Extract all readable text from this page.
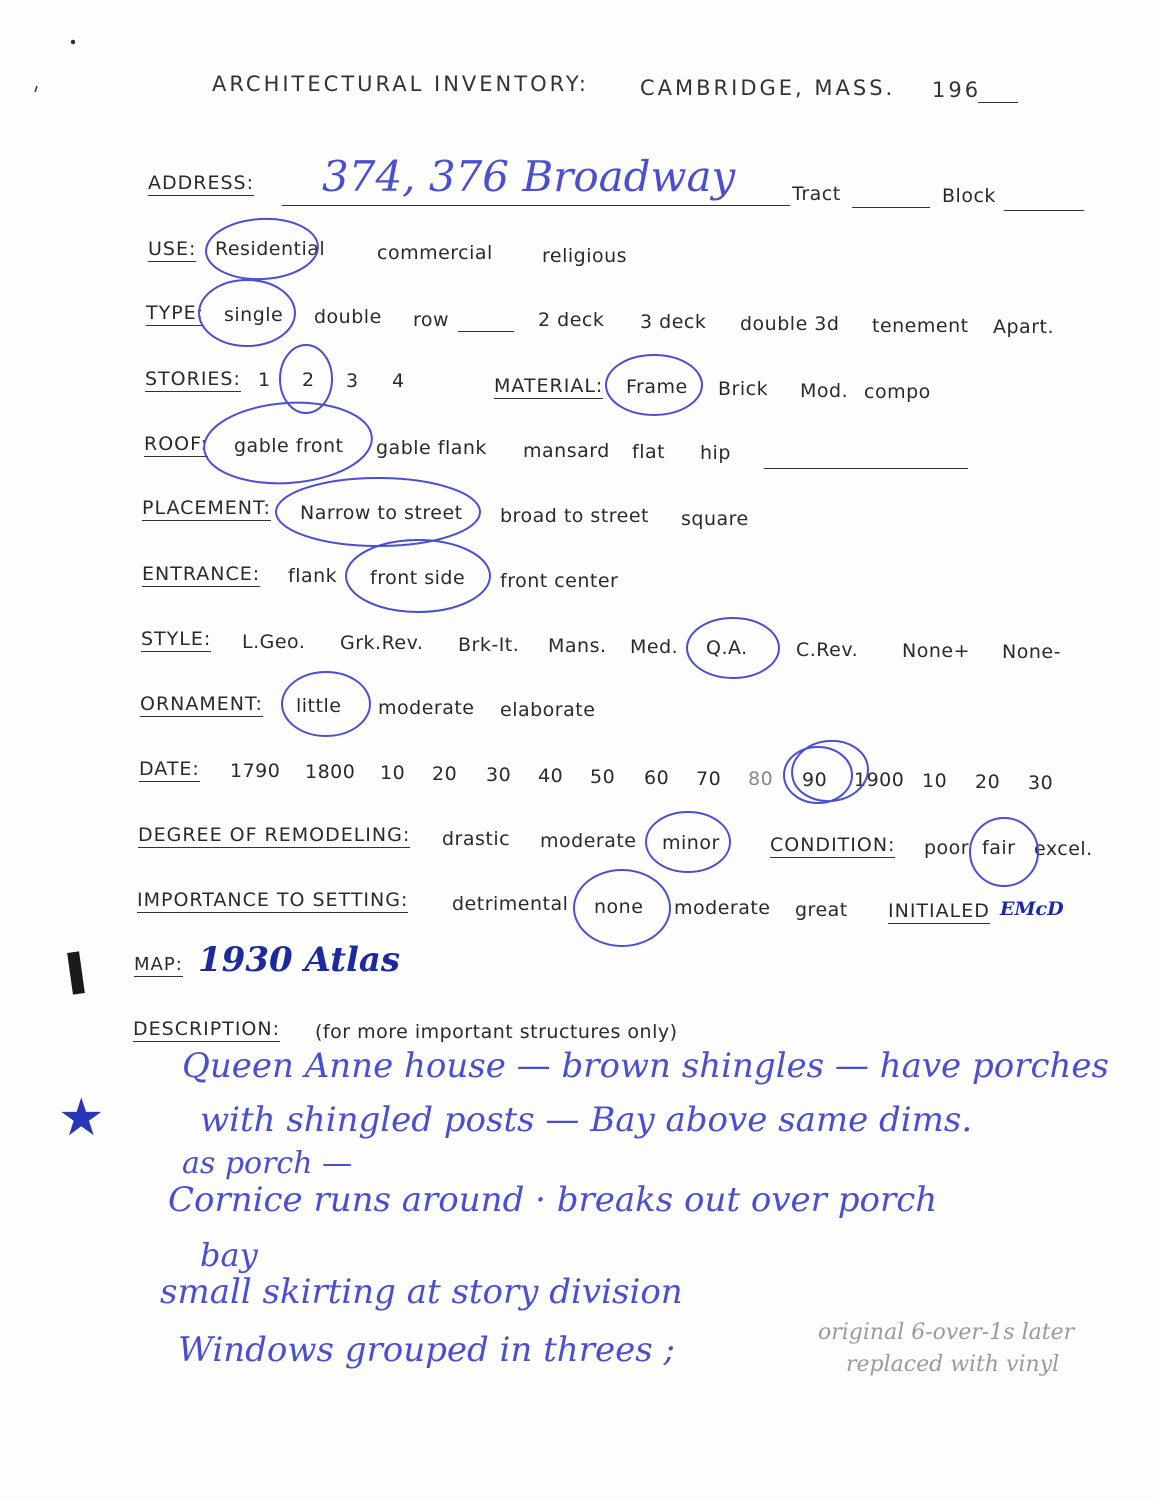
ARCHITECTURAL INVENTORY: CAMBRIDGE, MASS. 196
ADDRESS: 374, 376 Broadway	Tract	Block
USE: Residential	commercial	religious
TYPE: single double row	2 deck 3 deck double 3d tenement Apart.
STORIES: 1 2 3 4	MATERIAL: Frame Brick Mod. compo
ROOF: gable front gable flank mansard flat hip
PLACEMENT: Narrow to street broad to street square
ENTRANCE: flank front side front center
STYLE: L.Geo. Grk.Rev. Brk-It. Mans. Med. Q.A.	C.Rev. None+ None-
ORNAMENT: little moderate elaborate
DATE: 1790 1800 10 20 30 40 50 60 70 80 90 1900 10 20 30
DEGREE OF REMODELING: drastic moderate minor	CONDITION: poor fair excel.
IMPORTANCE TO SETTING: detrimental none moderate great INITIALED EMcD
MAP: 1930 Atlas
DESCRIPTION: (for more important structures only)
★
Queen Anne house — brown shingles — have porches
with shingled posts — Bay above same dims.
as porch —
Cornice runs around · breaks out over porch
bay
small skirting at story division
Windows grouped in threes ;	original 6-over-1s later
replaced with vinyl
